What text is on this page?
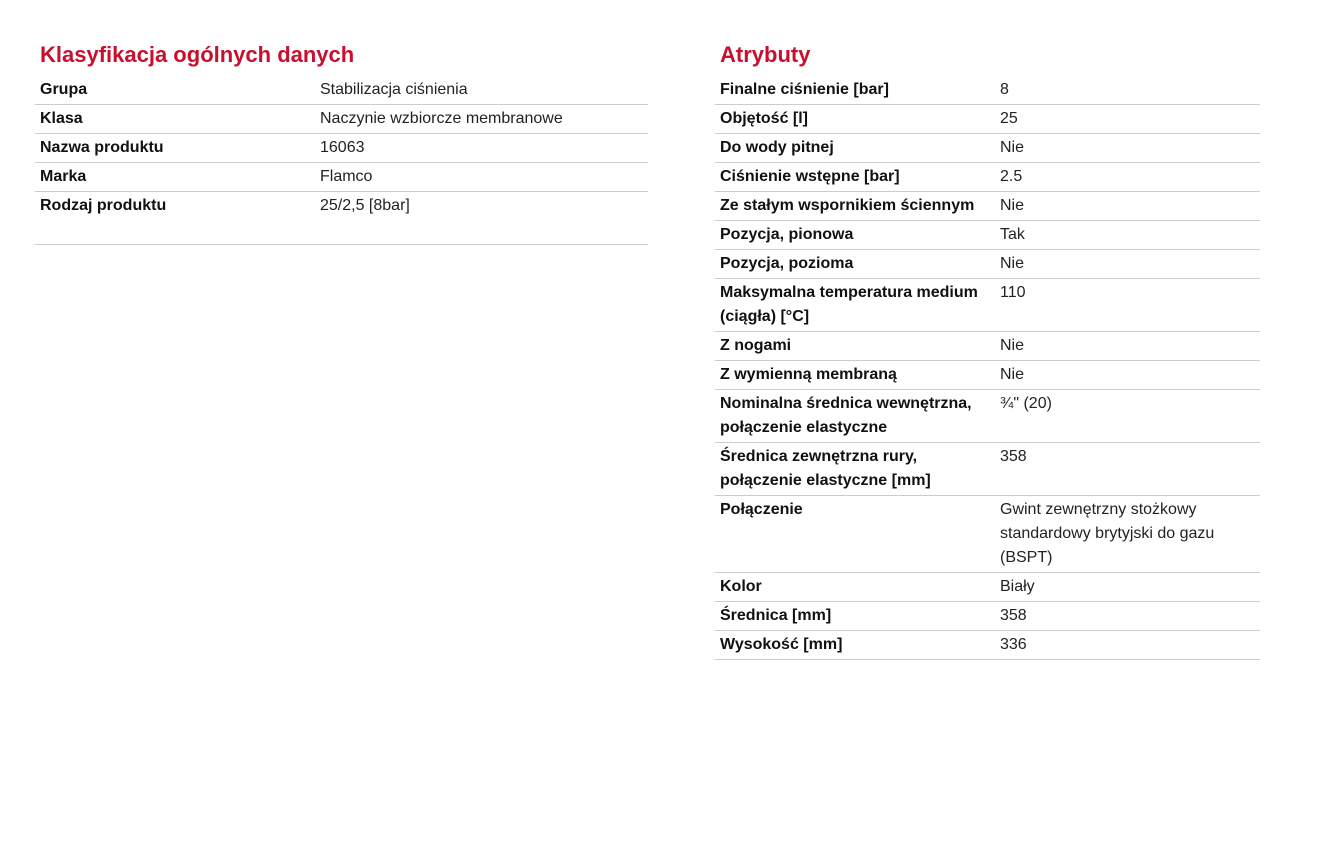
Klasyfikacja ogólnych danych
Grupa	Stabilizacja ciśnienia
Klasa	Naczynie wzbiorcze membranowe
Nazwa produktu	16063
Marka	Flamco
Rodzaj produktu	25/2,5 [8bar]
Atrybuty
Finalne ciśnienie [bar]	8
Objętość [l]	25
Do wody pitnej	Nie
Ciśnienie wstępne [bar]	2.5
Ze stałym wspornikiem ściennym	Nie
Pozycja, pionowa	Tak
Pozycja, pozioma	Nie
Maksymalna temperatura medium (ciągła) [°C]	110
Z nogami	Nie
Z wymienną membraną	Nie
Nominalna średnica wewnętrzna, połączenie elastyczne	¾" (20)
Średnica zewnętrzna rury, połączenie elastyczne [mm]	358
Połączenie	Gwint zewnętrzny stożkowy standardowy brytyjski do gazu (BSPT)
Kolor	Biały
Średnica [mm]	358
Wysokość [mm]	336
